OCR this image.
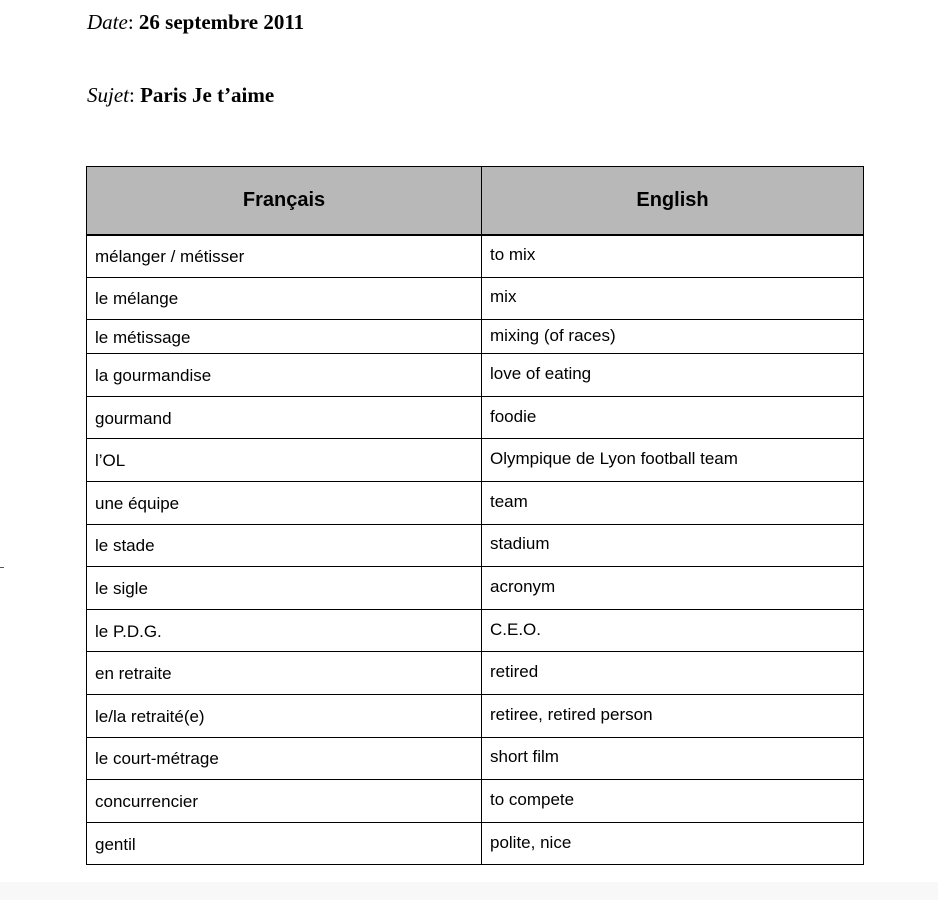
Date: 26 septembre 2011
Sujet: Paris Je t’aime
Français	English
mélanger / métisser	to mix
le mélange	mix
le métissage	mixing (of races)
la gourmandise	love of eating
gourmand	foodie
l’OL	Olympique de Lyon football team
une équipe	team
le stade	stadium
le sigle	acronym
le P.D.G.	C.E.O.
en retraite	retired
le/la retraité(e)	retiree, retired person
le court-métrage	short film
concurrencier	to compete
gentil	polite, nice
